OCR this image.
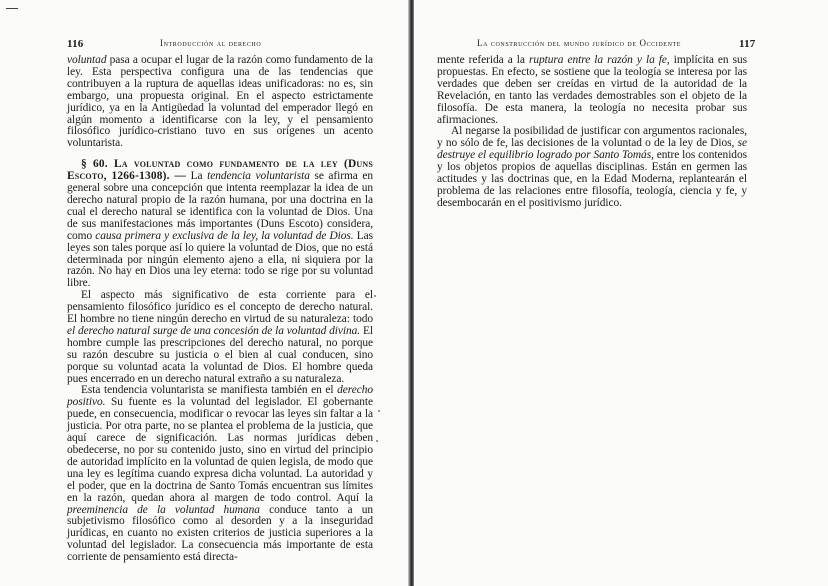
116	Introducción al derecho

voluntad pasa a ocupar el lugar de la razón como fundamento de la ley. Esta perspectiva configura una de las tendencias que contribuyen a la ruptura de aquellas ideas unificadoras: no es, sin embargo, una propuesta original. En el aspecto estrictamente jurídico, ya en la Antigüedad la voluntad del emperador llegó en algún momento a identificarse con la ley, y el pensamiento filosófico jurídico-cristiano tuvo en sus orígenes un acento voluntarista.

§ 60. La voluntad como fundamento de la ley (Duns Escoto, 1266-1308). — La tendencia voluntarista se afirma en general sobre una concepción que intenta reemplazar la idea de un derecho natural propio de la razón humana, por una doctrina en la cual el derecho natural se identifica con la voluntad de Dios. Una de sus manifestaciones más importantes (Duns Escoto) considera, como causa primera y exclusiva de la ley, la voluntad de Dios. Las leyes son tales porque así lo quiere la voluntad de Dios, que no está determinada por ningún elemento ajeno a ella, ni siquiera por la razón. No hay en Dios una ley eterna: todo se rige por su voluntad libre.

El aspecto más significativo de esta corriente para el pensamiento filosófico jurídico es el concepto de derecho natural. El hombre no tiene ningún derecho en virtud de su naturaleza: todo el derecho natural surge de una concesión de la voluntad divina. El hombre cumple las prescripciones del derecho natural, no porque su razón descubre su justicia o el bien al cual conducen, sino porque su voluntad acata la voluntad de Dios. El hombre queda pues encerrado en un derecho natural extraño a su naturaleza.

Esta tendencia voluntarista se manifiesta también en el derecho positivo. Su fuente es la voluntad del legislador. El gobernante puede, en consecuencia, modificar o revocar las leyes sin faltar a la justicia. Por otra parte, no se plantea el problema de la justicia, que aquí carece de significación. Las normas jurídicas deben obedecerse, no por su contenido justo, sino en virtud del principio de autoridad implícito en la voluntad de quien legisla, de modo que una ley es legítima cuando expresa dicha voluntad. La autoridad y el poder, que en la doctrina de Santo Tomás encuentran sus límites en la razón, quedan ahora al margen de todo control. Aquí la preeminencia de la voluntad humana conduce tanto a un subjetivismo filosófico como al desorden y a la inseguridad jurídicas, en cuanto no existen criterios de justicia superiores a la voluntad del legislador. La consecuencia más importante de esta corriente de pensamiento está directa-

La construcción del mundo jurídico de Occidente	117

mente referida a la ruptura entre la razón y la fe, implícita en sus propuestas. En efecto, se sostiene que la teología se interesa por las verdades que deben ser creídas en virtud de la autoridad de la Revelación, en tanto las verdades demostrables son el objeto de la filosofía. De esta manera, la teología no necesita probar sus afirmaciones.

Al negarse la posibilidad de justificar con argumentos racionales, y no sólo de fe, las decisiones de la voluntad o de la ley de Dios, se destruye el equilibrio logrado por Santo Tomás, entre los contenidos y los objetos propios de aquellas disciplinas. Están en germen las actitudes y las doctrinas que, en la Edad Moderna, replantearán el problema de las relaciones entre filosofía, teología, ciencia y fe, y desembocarán en el positivismo jurídico.
